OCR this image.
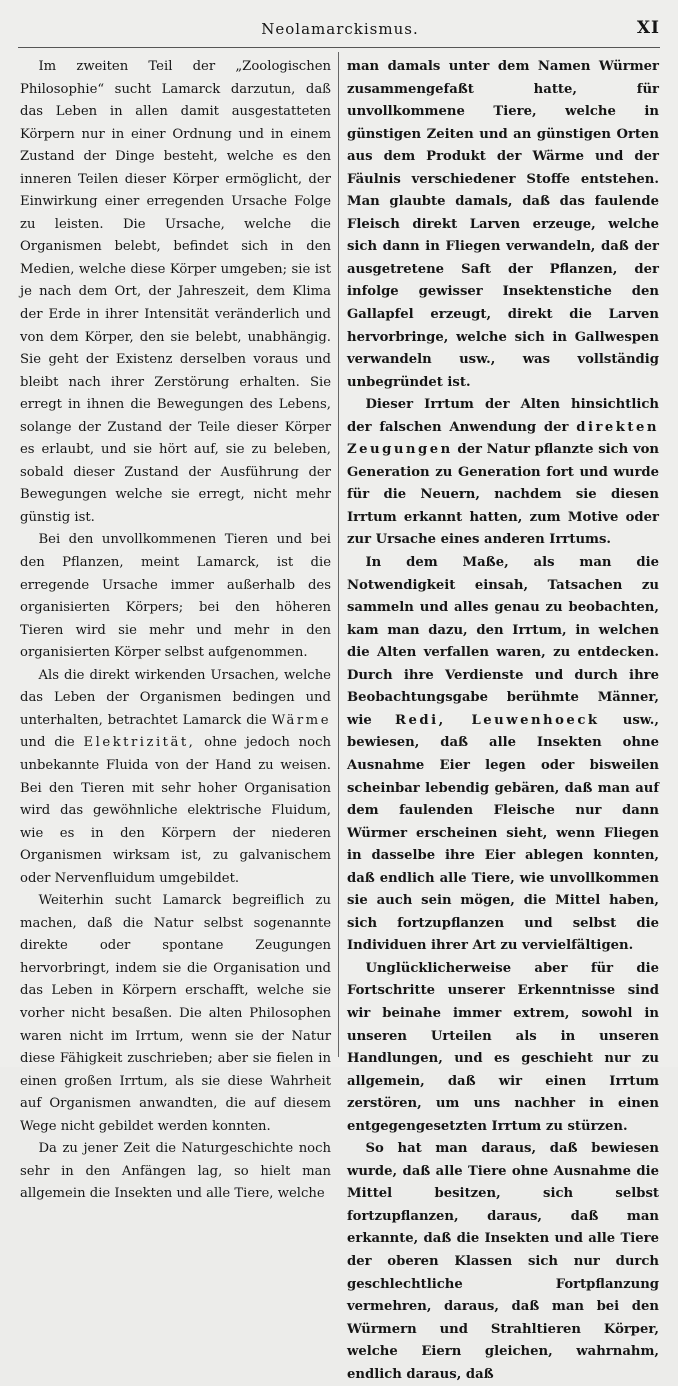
Neolamarckismus.	XI

Im zweiten Teil der „Zoologischen Philosophie“ sucht Lamarck darzutun, daß das Leben in allen damit ausgestatteten Körpern nur in einer Ordnung und in einem Zustand der Dinge besteht, welche es den inneren Teilen dieser Körper ermöglicht, der Einwirkung einer erregenden Ursache Folge zu leisten. Die Ursache, welche die Organismen belebt, befindet sich in den Medien, welche diese Körper umgeben; sie ist je nach dem Ort, der Jahreszeit, dem Klima der Erde in ihrer Intensität veränderlich und von dem Körper, den sie belebt, unabhängig. Sie geht der Existenz derselben voraus und bleibt nach ihrer Zerstörung erhalten. Sie erregt in ihnen die Bewegungen des Lebens, solange der Zustand der Teile dieser Körper es erlaubt, und sie hört auf, sie zu beleben, sobald dieser Zustand der Ausführung der Bewegungen welche sie erregt, nicht mehr günstig ist.

Bei den unvollkommenen Tieren und bei den Pflanzen, meint Lamarck, ist die erregende Ursache immer außerhalb des organisierten Körpers; bei den höheren Tieren wird sie mehr und mehr in den organisierten Körper selbst aufgenommen.

Als die direkt wirkenden Ursachen, welche das Leben der Organismen bedingen und unterhalten, betrachtet Lamarck die Wärme und die Elektrizität, ohne jedoch noch unbekannte Fluida von der Hand zu weisen. Bei den Tieren mit sehr hoher Organisation wird das gewöhnliche elektrische Fluidum, wie es in den Körpern der niederen Organismen wirksam ist, zu galvanischem oder Nervenfluidum umgebildet.

Weiterhin sucht Lamarck begreiflich zu machen, daß die Natur selbst sogenannte direkte oder spontane Zeugungen hervorbringt, indem sie die Organisation und das Leben in Körpern erschafft, welche sie vorher nicht besaßen. Die alten Philosophen waren nicht im Irrtum, wenn sie der Natur diese Fähigkeit zuschrieben; aber sie fielen in einen großen Irrtum, als sie diese Wahrheit auf Organismen anwandten, die auf diesem Wege nicht gebildet werden konnten.

Da zu jener Zeit die Naturgeschichte noch sehr in den Anfängen lag, so hielt man allgemein die Insekten und alle Tiere, welche

man damals unter dem Namen Würmer zusammengefaßt hatte, für unvollkommene Tiere, welche in günstigen Zeiten und an günstigen Orten aus dem Produkt der Wärme und der Fäulnis verschiedener Stoffe entstehen. Man glaubte damals, daß das faulende Fleisch direkt Larven erzeuge, welche sich dann in Fliegen verwandeln, daß der ausgetretene Saft der Pflanzen, der infolge gewisser Insektenstiche den Gallapfel erzeugt, direkt die Larven hervorbringe, welche sich in Gallwespen verwandeln usw., was vollständig unbegründet ist.

Dieser Irrtum der Alten hinsichtlich der falschen Anwendung der direkten Zeugungen der Natur pflanzte sich von Generation zu Generation fort und wurde für die Neuern, nachdem sie diesen Irrtum erkannt hatten, zum Motive oder zur Ursache eines anderen Irrtums.

In dem Maße, als man die Notwendigkeit einsah, Tatsachen zu sammeln und alles genau zu beobachten, kam man dazu, den Irrtum, in welchen die Alten verfallen waren, zu entdecken. Durch ihre Verdienste und durch ihre Beobachtungsgabe berühmte Männer, wie Redi, Leuwenhoeck usw., bewiesen, daß alle Insekten ohne Ausnahme Eier legen oder bisweilen scheinbar lebendig gebären, daß man auf dem faulenden Fleische nur dann Würmer erscheinen sieht, wenn Fliegen in dasselbe ihre Eier ablegen konnten, daß endlich alle Tiere, wie unvollkommen sie auch sein mögen, die Mittel haben, sich fortzupflanzen und selbst die Individuen ihrer Art zu vervielfältigen.

Unglücklicherweise aber für die Fortschritte unserer Erkenntnisse sind wir beinahe immer extrem, sowohl in unseren Urteilen als in unseren Handlungen, und es geschieht nur zu allgemein, daß wir einen Irrtum zerstören, um uns nachher in einen entgegengesetzten Irrtum zu stürzen.

So hat man daraus, daß bewiesen wurde, daß alle Tiere ohne Ausnahme die Mittel besitzen, sich selbst fortzupflanzen, daraus, daß man erkannte, daß die Insekten und alle Tiere der oberen Klassen sich nur durch geschlechtliche Fortpflanzung vermehren, daraus, daß man bei den Würmern und Strahltieren Körper, welche Eiern gleichen, wahrnahm, endlich daraus, daß
